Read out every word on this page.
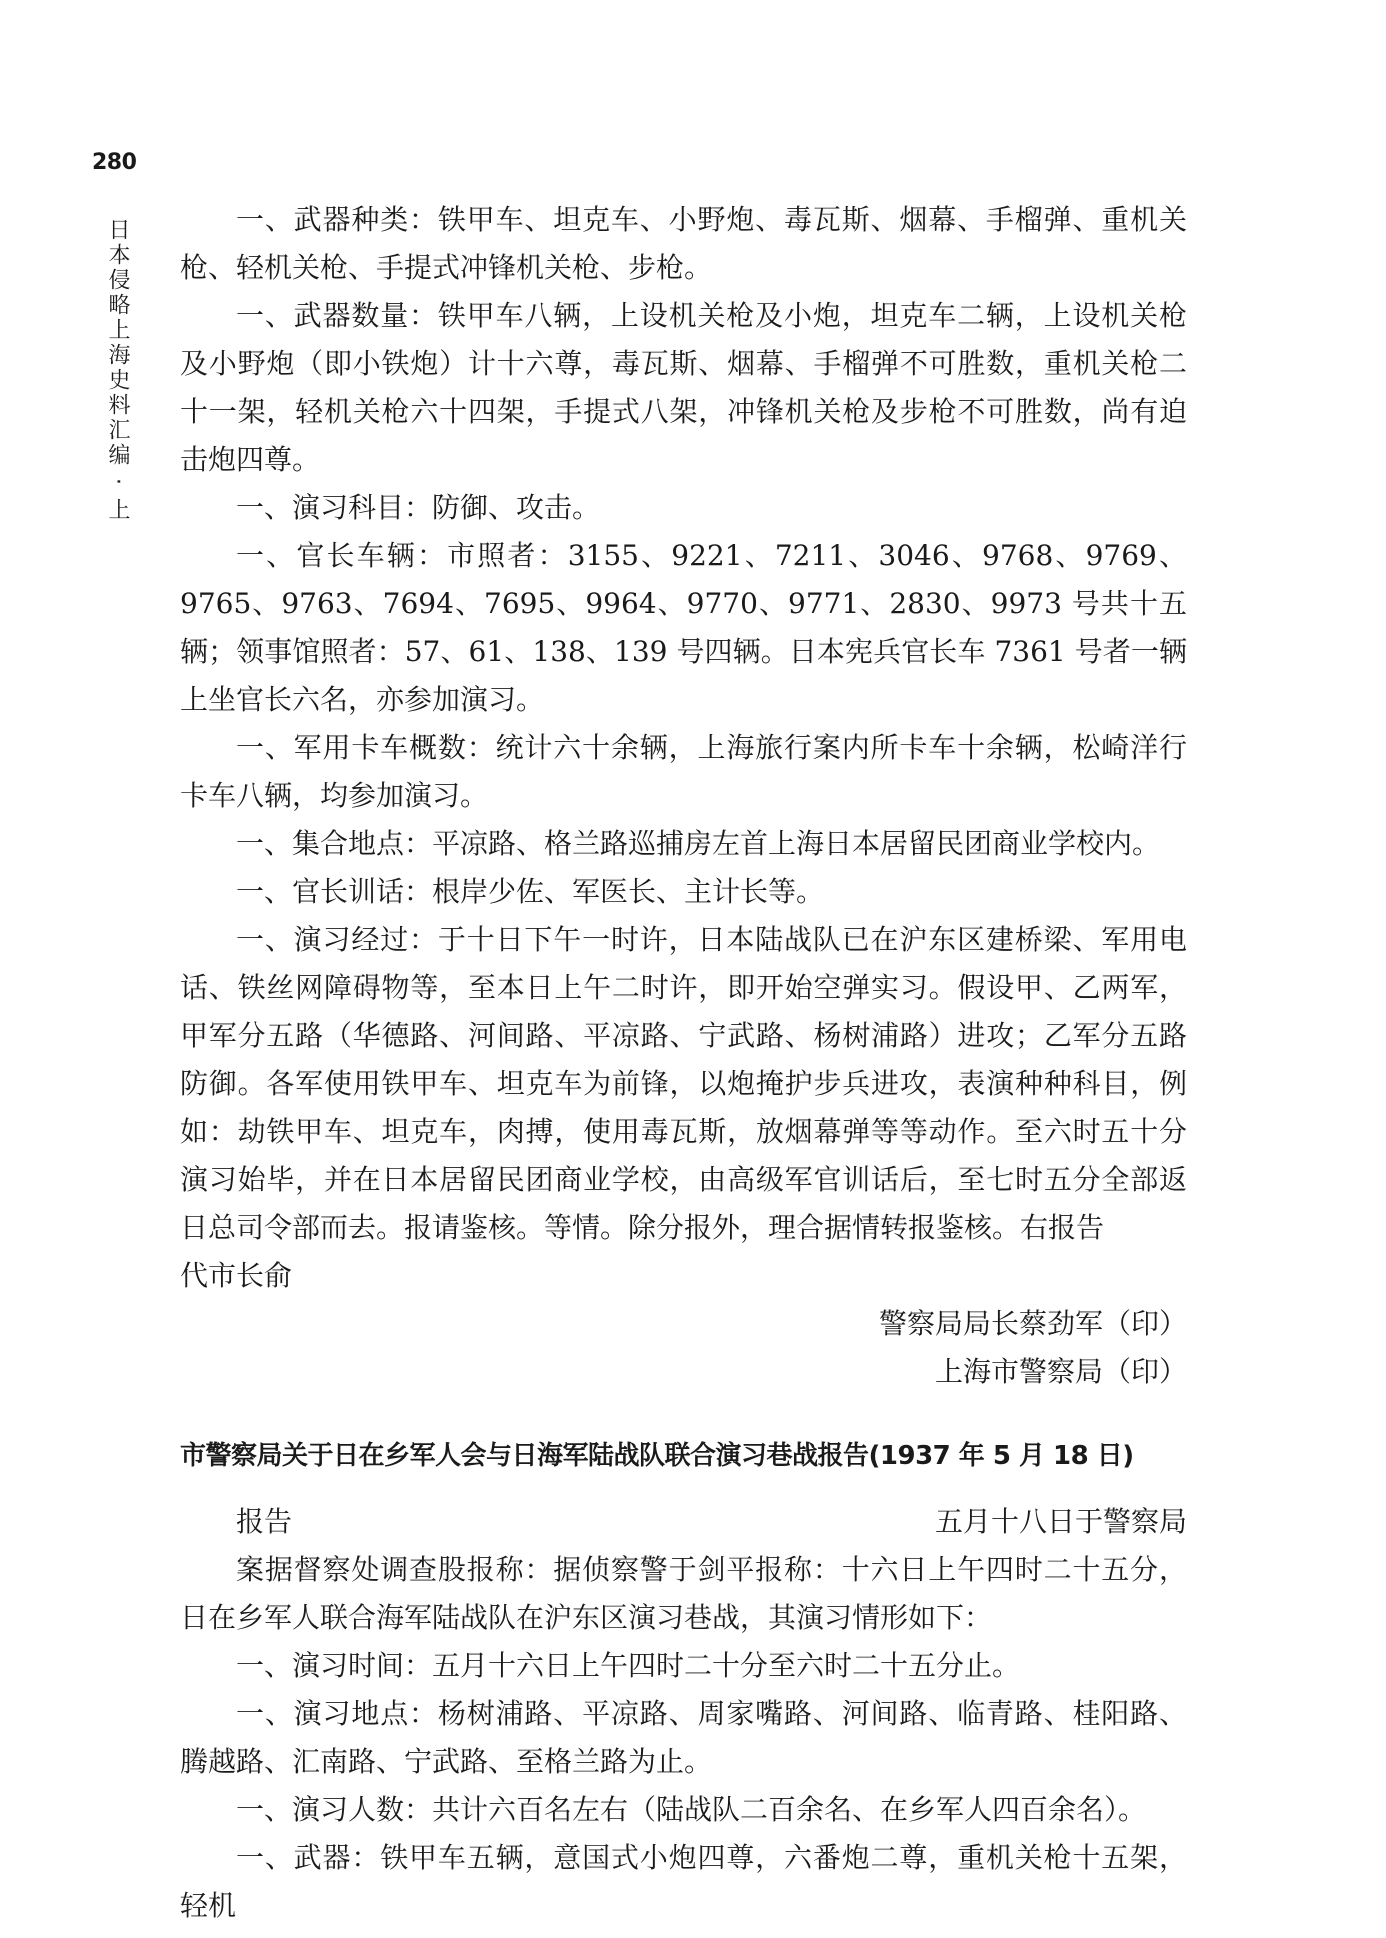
280
日本侵略上海史料汇编 · 上	一、武器种类：铁甲车、坦克车、小野炮、毒瓦斯、烟幕、手榴弹、重机关枪、轻机关枪、手提式冲锋机关枪、步枪。

一、武器数量：铁甲车八辆，上设机关枪及小炮，坦克车二辆，上设机关枪及小野炮（即小铁炮）计十六尊，毒瓦斯、烟幕、手榴弹不可胜数，重机关枪二十一架，轻机关枪六十四架，手提式八架，冲锋机关枪及步枪不可胜数，尚有迫击炮四尊。

一、演习科目：防御、攻击。

一、官长车辆：市照者：3155、9221、7211、3046、9768、9769、9765、9763、7694、7695、9964、9770、9771、2830、9973 号共十五辆；领事馆照者：57、61、138、139 号四辆。日本宪兵官长车 7361 号者一辆上坐官长六名，亦参加演习。

一、军用卡车概数：统计六十余辆，上海旅行案内所卡车十余辆，松崎洋行卡车八辆，均参加演习。

一、集合地点：平凉路、格兰路巡捕房左首上海日本居留民团商业学校内。

一、官长训话：根岸少佐、军医长、主计长等。

一、演习经过：于十日下午一时许，日本陆战队已在沪东区建桥梁、军用电话、铁丝网障碍物等，至本日上午二时许，即开始空弹实习。假设甲、乙两军，甲军分五路（华德路、河间路、平凉路、宁武路、杨树浦路）进攻；乙军分五路防御。各军使用铁甲车、坦克车为前锋，以炮掩护步兵进攻，表演种种科目，例如：劫铁甲车、坦克车，肉搏，使用毒瓦斯，放烟幕弹等等动作。至六时五十分演习始毕，并在日本居留民团商业学校，由高级军官训话后，至七时五分全部返日总司令部而去。报请鉴核。等情。除分报外，理合据情转报鉴核。右报告

代市长俞

警察局局长蔡劲军（印）

上海市警察局（印）

市警察局关于日在乡军人会与日海军陆战队联合演习巷战报告(1937 年 5 月 18 日)

报告	五月十八日于警察局

案据督察处调查股报称：据侦察警于剑平报称：十六日上午四时二十五分，日在乡军人联合海军陆战队在沪东区演习巷战，其演习情形如下：

一、演习时间：五月十六日上午四时二十分至六时二十五分止。

一、演习地点：杨树浦路、平凉路、周家嘴路、河间路、临青路、桂阳路、腾越路、汇南路、宁武路、至格兰路为止。

一、演习人数：共计六百名左右（陆战队二百余名、在乡军人四百余名）。

一、武器：铁甲车五辆，意国式小炮四尊，六番炮二尊，重机关枪十五架，轻机
